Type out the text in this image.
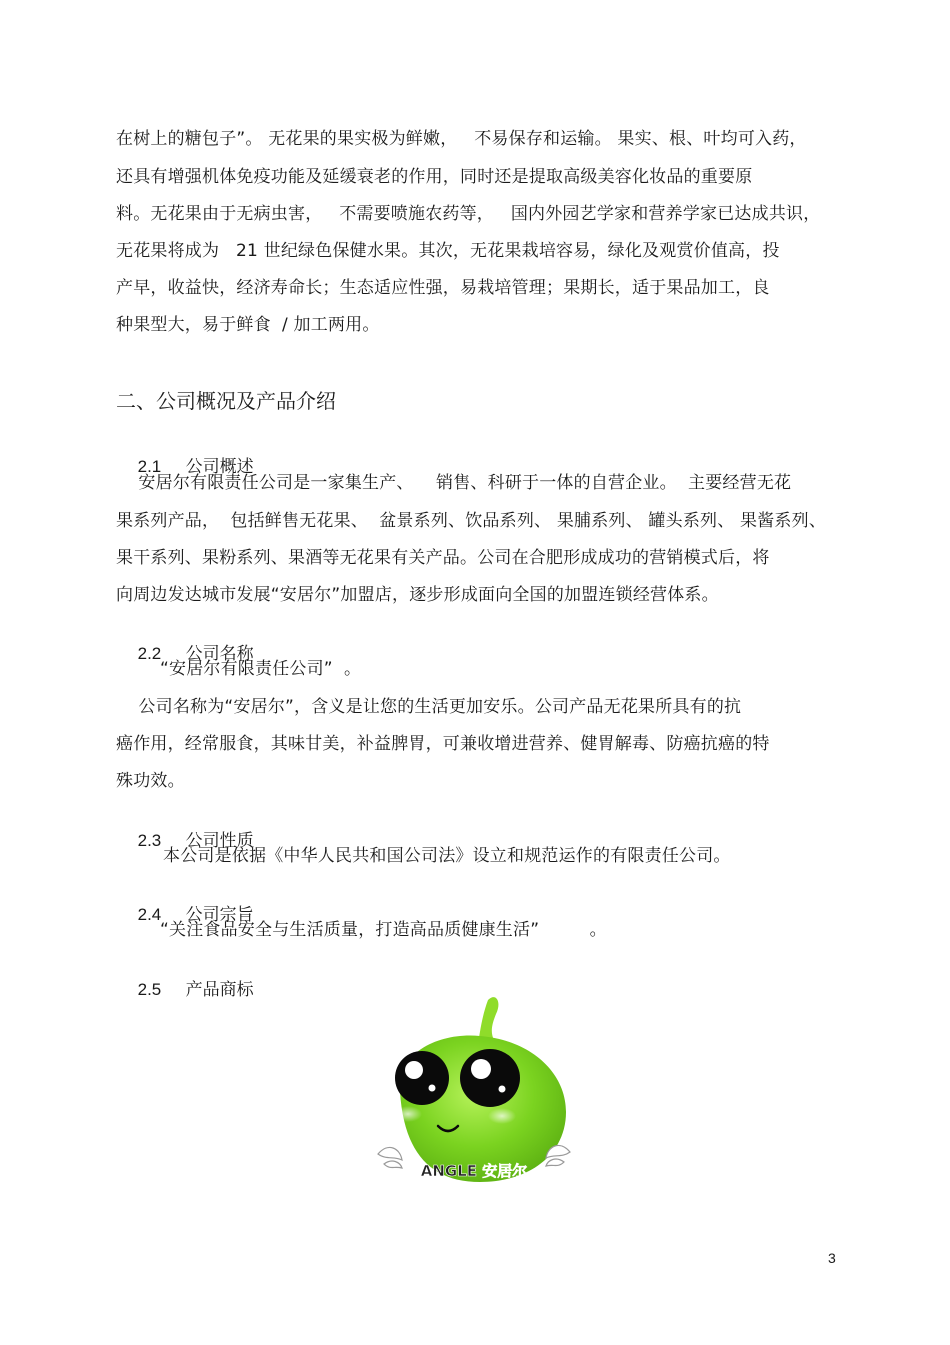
在树上的糖包子”。 无花果的果实极为鲜嫩，   不易保存和运输。 果实、根、叶均可入药，
还具有增强机体免疫功能及延缓衰老的作用，同时还是提取高级美容化妆品的重要原
料。无花果由于无病虫害，   不需要喷施农药等，   国内外园艺学家和营养学家已达成共识，
无花果将成为   21 世纪绿色保健水果。其次，无花果栽培容易，绿化及观赏价值高，投
产早，收益快，经济寿命长；生态适应性强，易栽培管理；果期长，适于果品加工，良
种果型大，易于鲜食  / 加工两用。
二、公司概况及产品介绍

2.1 公司概述

安居尔有限责任公司是一家集生产、    销售、科研于一体的自营企业。  主要经营无花
果系列产品，  包括鲜售无花果、  盆景系列、饮品系列、 果脯系列、 罐头系列、 果酱系列、
果干系列、果粉系列、果酒等无花果有关产品。公司在合肥形成成功的营销模式后，将
向周边发达城市发展“安居尔”加盟店，逐步形成面向全国的加盟连锁经营体系。

2.2 公司名称

“安居尔有限责任公司”  。
公司名称为“安居尔”，含义是让您的生活更加安乐。公司产品无花果所具有的抗
癌作用，经常服食，其味甘美，补益脾胃，可兼收增进营养、健胃解毒、防癌抗癌的特
殊功效。

2.3 公司性质

本公司是依据《中华人民共和国公司法》设立和规范运作的有限责任公司。

2.4 公司宗旨

“关注食品安全与生活质量，打造高品质健康生活”         。

2.5 产品商标

ANGLE 安居尔
3
